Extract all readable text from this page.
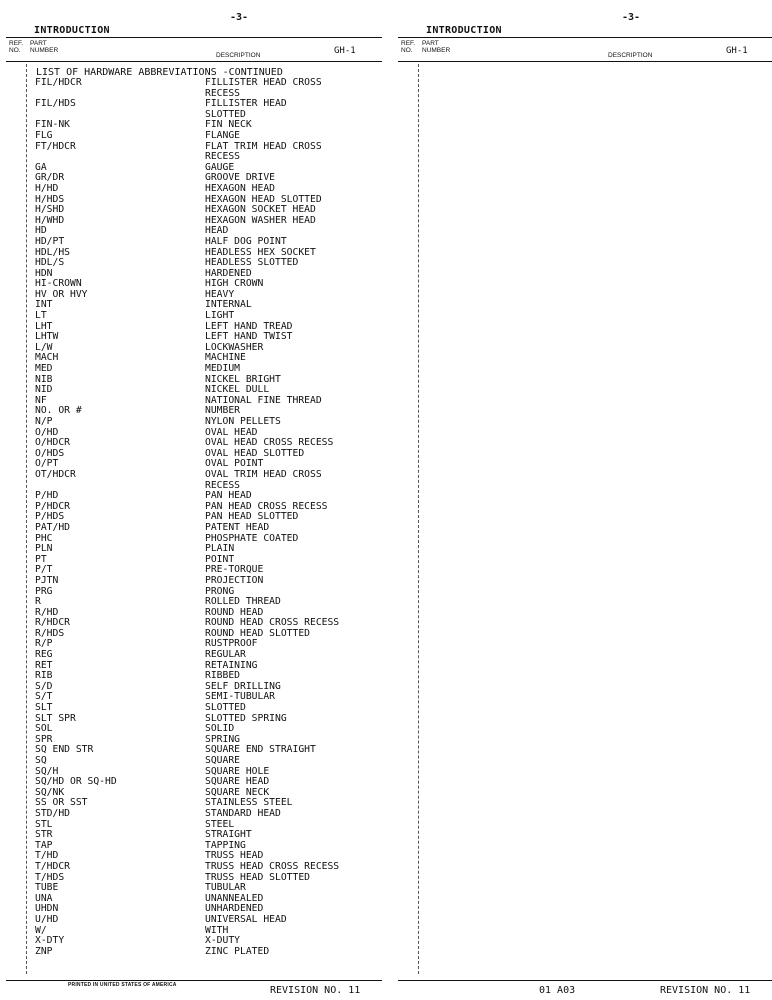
INTRODUCTION
-3-
REF.
NO.
PART
NUMBER
DESCRIPTION	GH-1
LIST OF HARDWARE ABBREVIATIONS -CONTINUED
FIL/HDCR	FILLISTER HEAD CROSS
RECESS
FIL/HDS	FILLISTER HEAD
SLOTTED
FIN-NK	FIN NECK
FLG	FLANGE
FT/HDCR	FLAT TRIM HEAD CROSS
RECESS
GA	GAUGE
GR/DR	GROOVE DRIVE
H/HD	HEXAGON HEAD
H/HDS	HEXAGON HEAD SLOTTED
H/SHD	HEXAGON SOCKET HEAD
H/WHD	HEXAGON WASHER HEAD
HD	HEAD
HD/PT	HALF DOG POINT
HDL/HS	HEADLESS HEX SOCKET
HDL/S	HEADLESS SLOTTED
HDN	HARDENED
HI-CROWN	HIGH CROWN
HV OR HVY	HEAVY
INT	INTERNAL
LT	LIGHT
LHT	LEFT HAND TREAD
LHTW	LEFT HAND TWIST
L/W	LOCKWASHER
MACH	MACHINE
MED	MEDIUM
NIB	NICKEL BRIGHT
NID	NICKEL DULL
NF	NATIONAL FINE THREAD
NO. OR #	NUMBER
N/P	NYLON PELLETS
O/HD	OVAL HEAD
O/HDCR	OVAL HEAD CROSS RECESS
O/HDS	OVAL HEAD SLOTTED
O/PT	OVAL POINT
OT/HDCR	OVAL TRIM HEAD CROSS
RECESS
P/HD	PAN HEAD
P/HDCR	PAN HEAD CROSS RECESS
P/HDS	PAN HEAD SLOTTED
PAT/HD	PATENT HEAD
PHC	PHOSPHATE COATED
PLN	PLAIN
PT	POINT
P/T	PRE-TORQUE
PJTN	PROJECTION
PRG	PRONG
R	ROLLED THREAD
R/HD	ROUND HEAD
R/HDCR	ROUND HEAD CROSS RECESS
R/HDS	ROUND HEAD SLOTTED
R/P	RUSTPROOF
REG	REGULAR
RET	RETAINING
RIB	RIBBED
S/D	SELF DRILLING
S/T	SEMI-TUBULAR
SLT	SLOTTED
SLT SPR	SLOTTED SPRING
SOL	SOLID
SPR	SPRING
SQ END STR	SQUARE END STRAIGHT
SQ	SQUARE
SQ/H	SQUARE HOLE
SQ/HD OR SQ-HD	SQUARE HEAD
SQ/NK	SQUARE NECK
SS OR SST	STAINLESS STEEL
STD/HD	STANDARD HEAD
STL	STEEL
STR	STRAIGHT
TAP	TAPPING
T/HD	TRUSS HEAD
T/HDCR	TRUSS HEAD CROSS RECESS
T/HDS	TRUSS HEAD SLOTTED
TUBE	TUBULAR
UNA	UNANNEALED
UHDN	UNHARDENED
U/HD	UNIVERSAL HEAD
W/	WITH
X-DTY	X-DUTY
ZNP	ZINC PLATED
PRINTED IN UNITED STATES OF AMERICA	REVISION NO. 11
INTRODUCTION
-3-
REF.
NO.
PART
NUMBER
DESCRIPTION	GH-1
01 A03	REVISION NO. 11
